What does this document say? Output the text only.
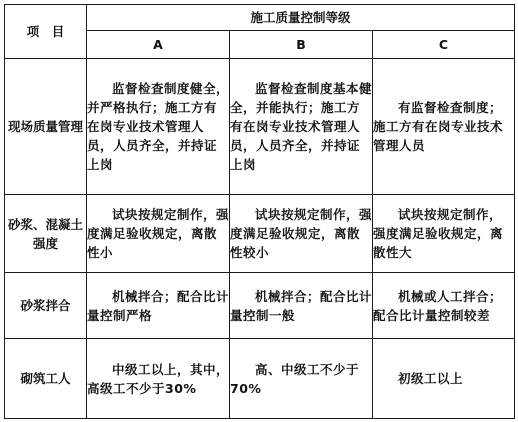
项　目	施工质量控制等级		
	A	B	C
现场质量管理	监督检查制度健全，并严格执行；施工方有在岗专业技术管理人员，人员齐全，并持证上岗	监督检查制度基本健全，并能执行；施工方有在岗专业技术管理人员，人员齐全，并持证上岗	有监督检查制度；施工方有在岗专业技术管理人员
砂浆、混凝土强度	试块按规定制作，强度满足验收规定，离散性小	试块按规定制作，强度满足验收规定，离散性较小	试块按规定制作，强度满足验收规定，离散性大
砂浆拌合	机械拌合；配合比计量控制严格	机械拌合；配合比计量控制一般	机械或人工拌合；配合比计量控制较差
砌筑工人	中级工以上，其中，高级工不少于30%	高、中级工不少于70%	初级工以上
